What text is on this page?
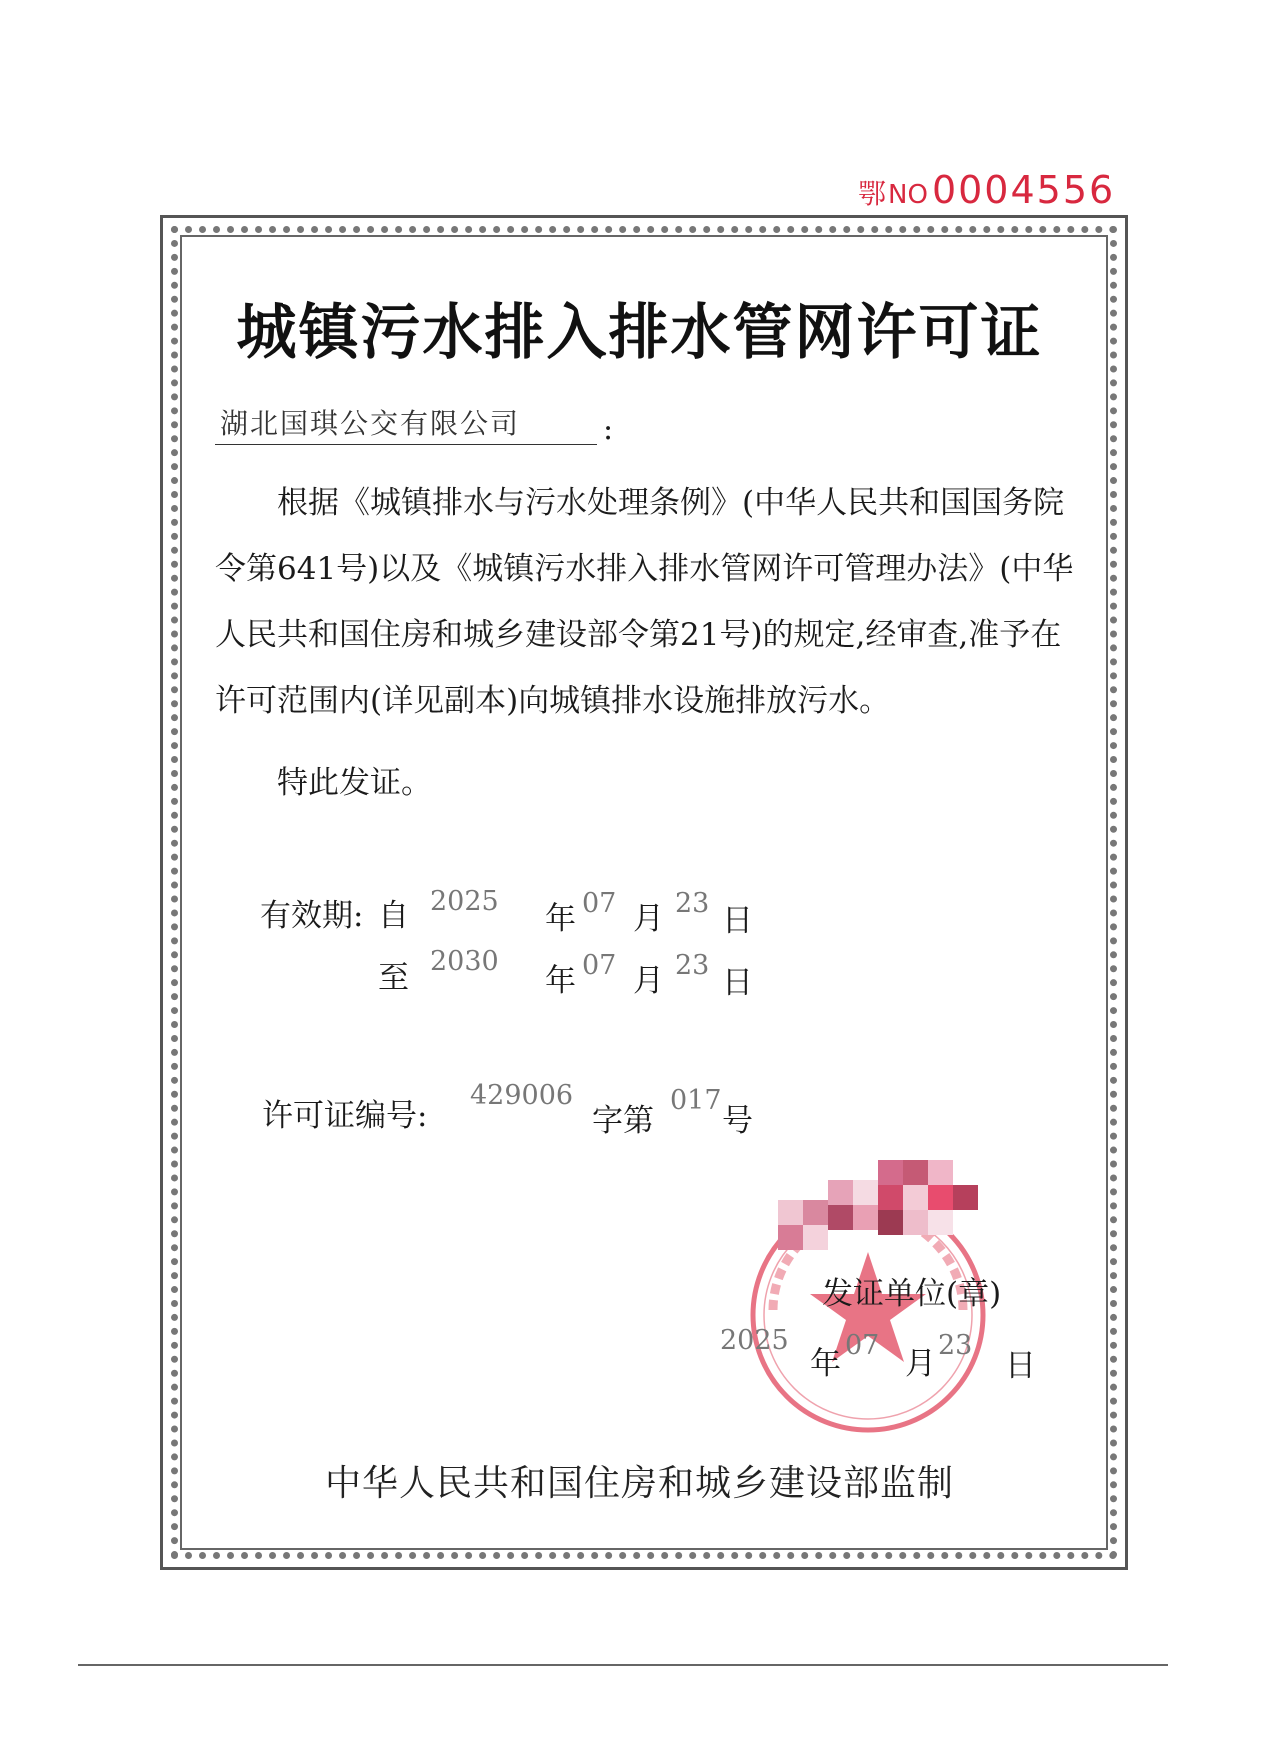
鄂NO 0004556
城镇污水排入排水管网许可证
湖北国琪公交有限公司	:
根据《城镇排水与污水处理条例》(中华人民共和国国务院令第641号)以及《城镇污水排入排水管网许可管理办法》(中华人民共和国住房和城乡建设部令第21号)的规定,经审查,准予在许可范围内(详见副本)向城镇排水设施排放污水。
特此发证。
有效期: 自 2025 年 07 月 23 日
至 2030
年 07 月 23 日
许可证编号:
429006
字第
017
号
发证单位(章)
2025
年
07
月
23
日
中华人民共和国住房和城乡建设部监制
